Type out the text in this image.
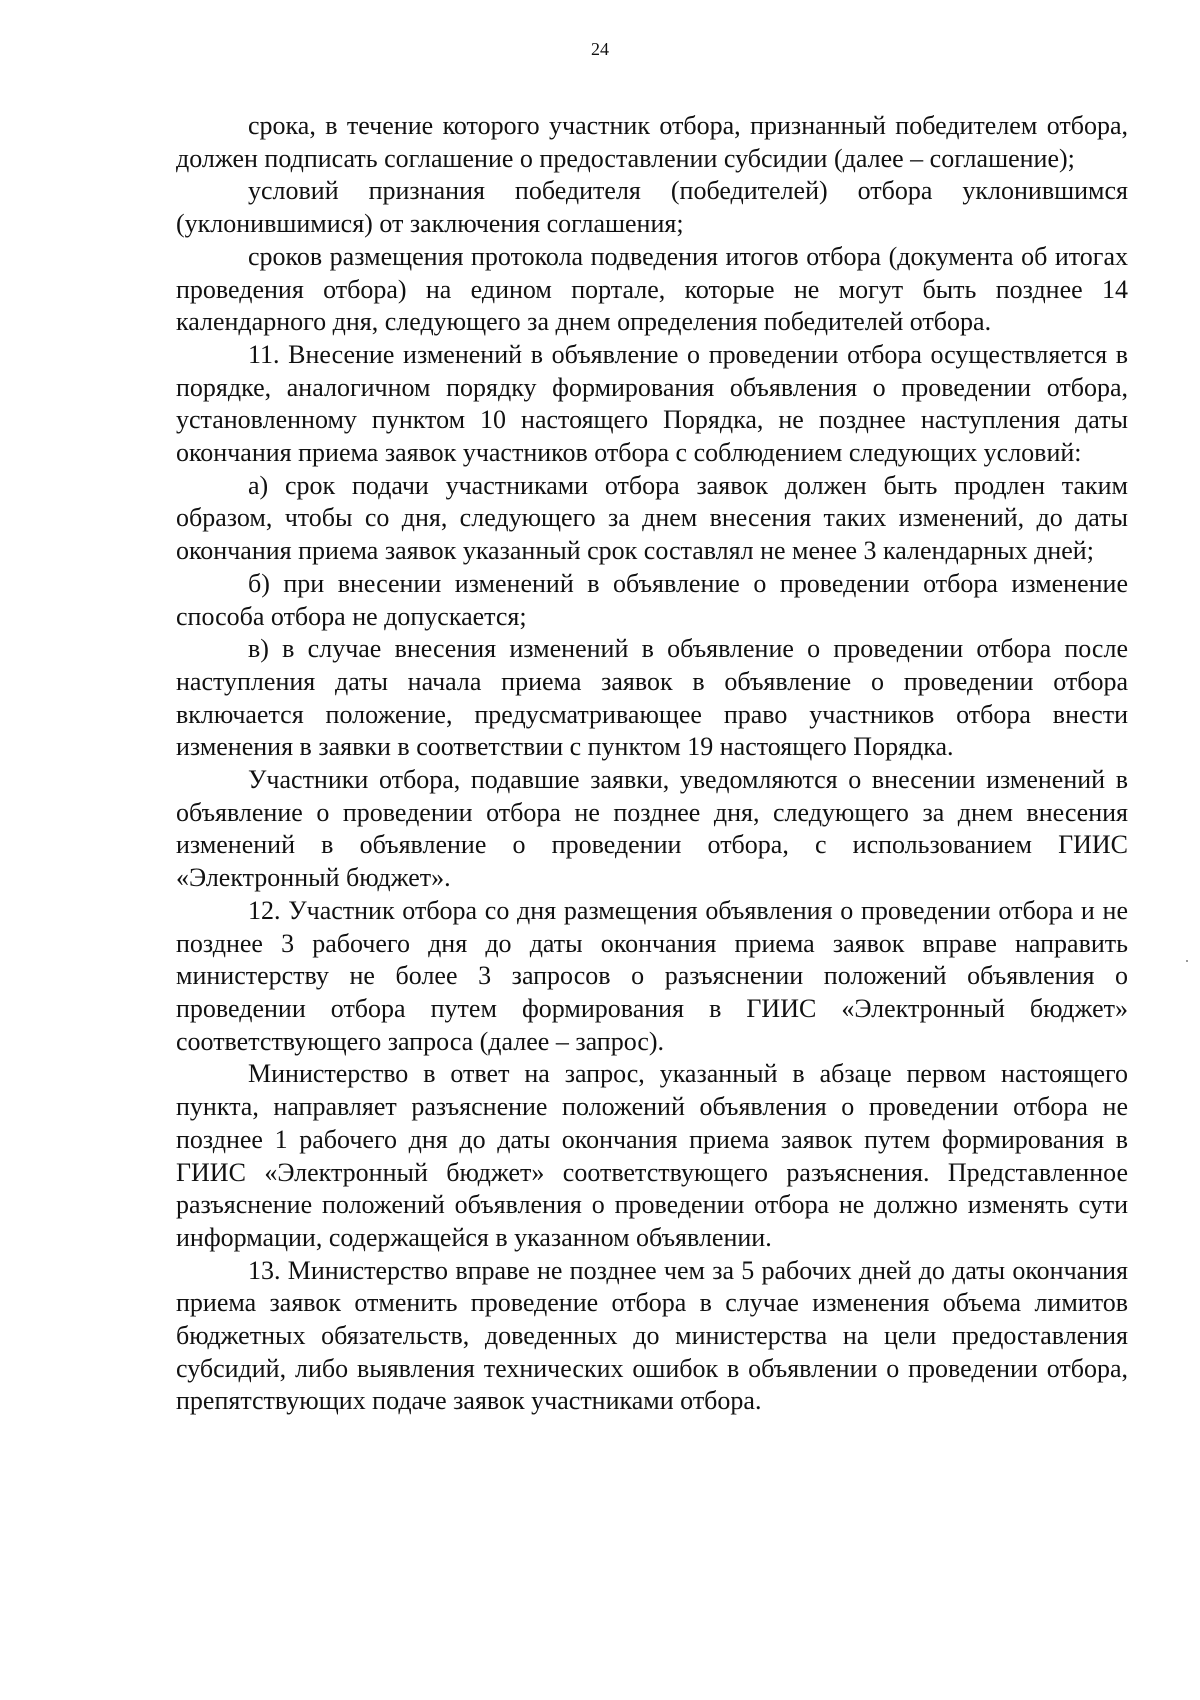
24

срока, в течение которого участник отбора, признанный победителем отбора, должен подписать соглашение о предоставлении субсидии (далее – соглашение);

условий признания победителя (победителей) отбора уклонившимся (уклонившимися) от заключения соглашения;

сроков размещения протокола подведения итогов отбора (документа об итогах проведения отбора) на едином портале, которые не могут быть позднее 14 календарного дня, следующего за днем определения победителей отбора.

11. Внесение изменений в объявление о проведении отбора осуществляется в порядке, аналогичном порядку формирования объявления о проведении отбора, установленному пунктом 10 настоящего Порядка, не позднее наступления даты окончания приема заявок участников отбора с соблюдением следующих условий:

а) срок подачи участниками отбора заявок должен быть продлен таким образом, чтобы со дня, следующего за днем внесения таких изменений, до даты окончания приема заявок указанный срок составлял не менее 3 календарных дней;

б) при внесении изменений в объявление о проведении отбора изменение способа отбора не допускается;

в) в случае внесения изменений в объявление о проведении отбора после наступления даты начала приема заявок в объявление о проведении отбора включается положение, предусматривающее право участников отбора внести изменения в заявки в соответствии с пунктом 19 настоящего Порядка.

Участники отбора, подавшие заявки, уведомляются о внесении изменений в объявление о проведении отбора не позднее дня, следующего за днем внесения изменений в объявление о проведении отбора, с использованием ГИИС «Электронный бюджет».

12. Участник отбора со дня размещения объявления о проведении отбора и не позднее 3 рабочего дня до даты окончания приема заявок вправе направить министерству не более 3 запросов о разъяснении положений объявления о проведении отбора путем формирования в ГИИС «Электронный бюджет» соответствующего запроса (далее – запрос).

Министерство в ответ на запрос, указанный в абзаце первом настоящего пункта, направляет разъяснение положений объявления о проведении отбора не позднее 1 рабочего дня до даты окончания приема заявок путем формирования в ГИИС «Электронный бюджет» соответствующего разъяснения. Представленное разъяснение положений объявления о проведении отбора не должно изменять сути информации, содержащейся в указанном объявлении.

13. Министерство вправе не позднее чем за 5 рабочих дней до даты окончания приема заявок отменить проведение отбора в случае изменения объема лимитов бюджетных обязательств, доведенных до министерства на цели предоставления субсидий, либо выявления технических ошибок в объявлении о проведении отбора, препятствующих подаче заявок участниками отбора.
